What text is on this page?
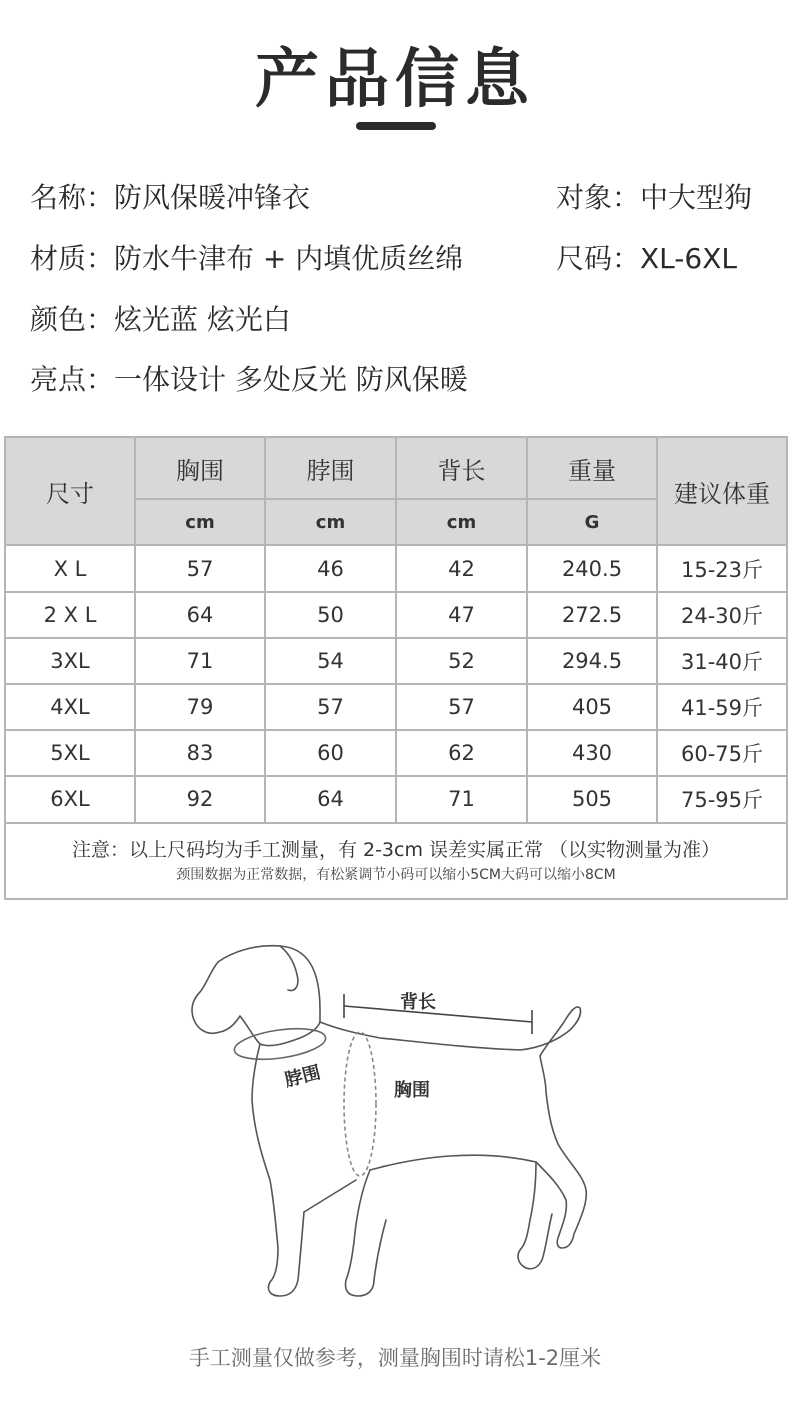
产品信息
名称：防风保暖冲锋衣	对象：中大型狗
材质：防水牛津布 + 内填优质丝绵	尺码：XL-6XL
颜色：炫光蓝 炫光白
亮点：一体设计 多处反光 防风保暖
尺寸	胸围	脖围	背长	重量	建议体重
	cm	cm	cm	G	
X L	57	46	42	240.5	15-23斤
2 X L	64	50	47	272.5	24-30斤
3XL	71	54	52	294.5	31-40斤
4XL	79	57	57	405	41-59斤
5XL	83	60	62	430	60-75斤
6XL	92	64	71	505	75-95斤

注意：以上尺码均为手工测量，有 2-3cm 误差实属正常 （以实物测量为准）
颈围数据为正常数据，有松紧调节小码可以缩小5CM大码可以缩小8CM					
背长
脖围	胸围
手工测量仅做参考，测量胸围时请松1-2厘米
